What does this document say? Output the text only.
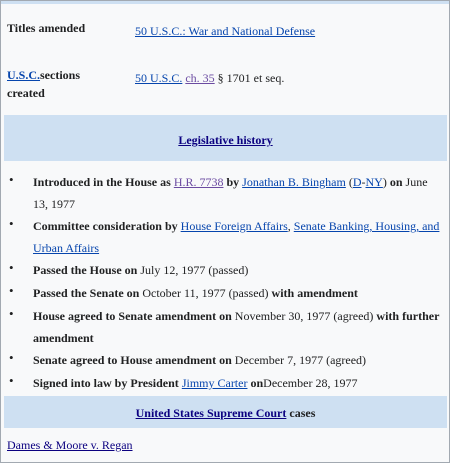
Titles amended	50 U.S.C.: War and National Defense
U.S.C.sections
created
50 U.S.C. ch. 35 § 1701 et seq.
Legislative history
• Introduced in the House as H.R. 7738 by Jonathan B. Bingham (D-NY) on June 13, 1977
• Committee consideration by House Foreign Affairs, Senate Banking, Housing, and Urban Affairs
• Passed the House on July 12, 1977 (passed)
• Passed the Senate on October 11, 1977 (passed) with amendment
• House agreed to Senate amendment on November 30, 1977 (agreed) with further amendment
• Senate agreed to House amendment on December 7, 1977 (agreed)
• Signed into law by President Jimmy Carter onDecember 28, 1977
United States Supreme Court cases
Dames & Moore v. Regan
